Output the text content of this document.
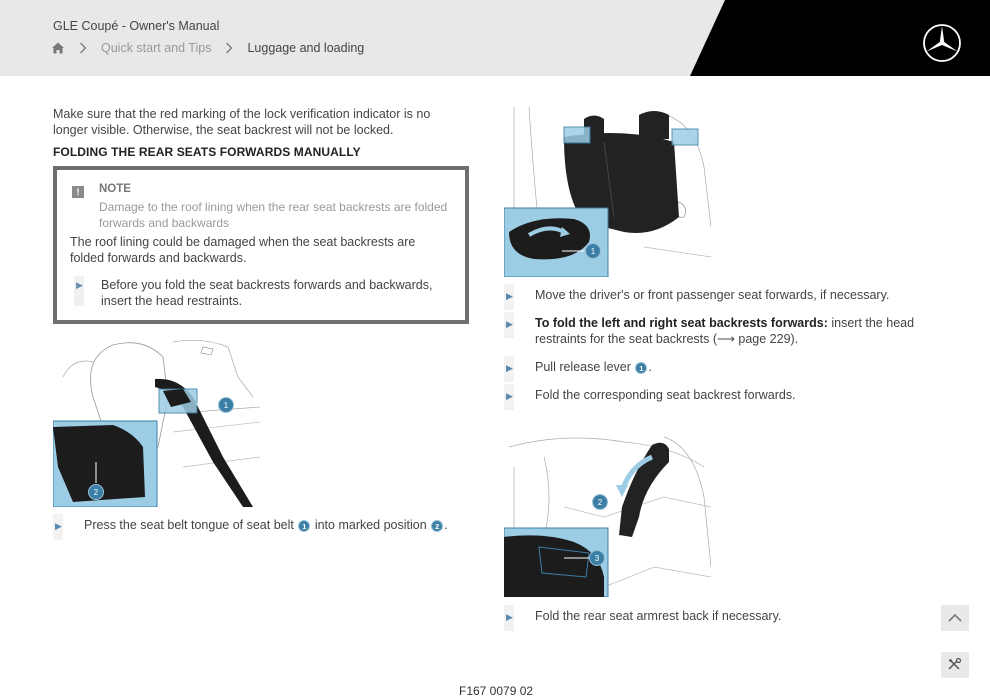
GLE Coupé - Owner's Manual
Quick start and Tips	Luggage and loading
Make sure that the red marking of the lock verification indicator is no longer visible. Otherwise, the seat backrest will not be locked.
FOLDING THE REAR SEATS FORWARDS MANUALLY
!	NOTE
Damage to the roof lining when the rear seat backrests are folded forwards and backwards
The roof lining could be damaged when the seat backrests are folded forwards and backwards.
▶ Before you fold the seat backrests forwards and backwards, insert the head restraints.
1
2
▶ Press the seat belt tongue of seat belt 1 into marked position 2 .
1
▶ Move the driver's or front passenger seat forwards, if necessary.
▶ To fold the left and right seat backrests forwards: insert the head restraints for the seat backrests (⟶ page 229).
▶ Pull release lever 1 .
▶ Fold the corresponding seat backrest forwards.
2
3
▶ Fold the rear seat armrest back if necessary.
F167 0079 02
